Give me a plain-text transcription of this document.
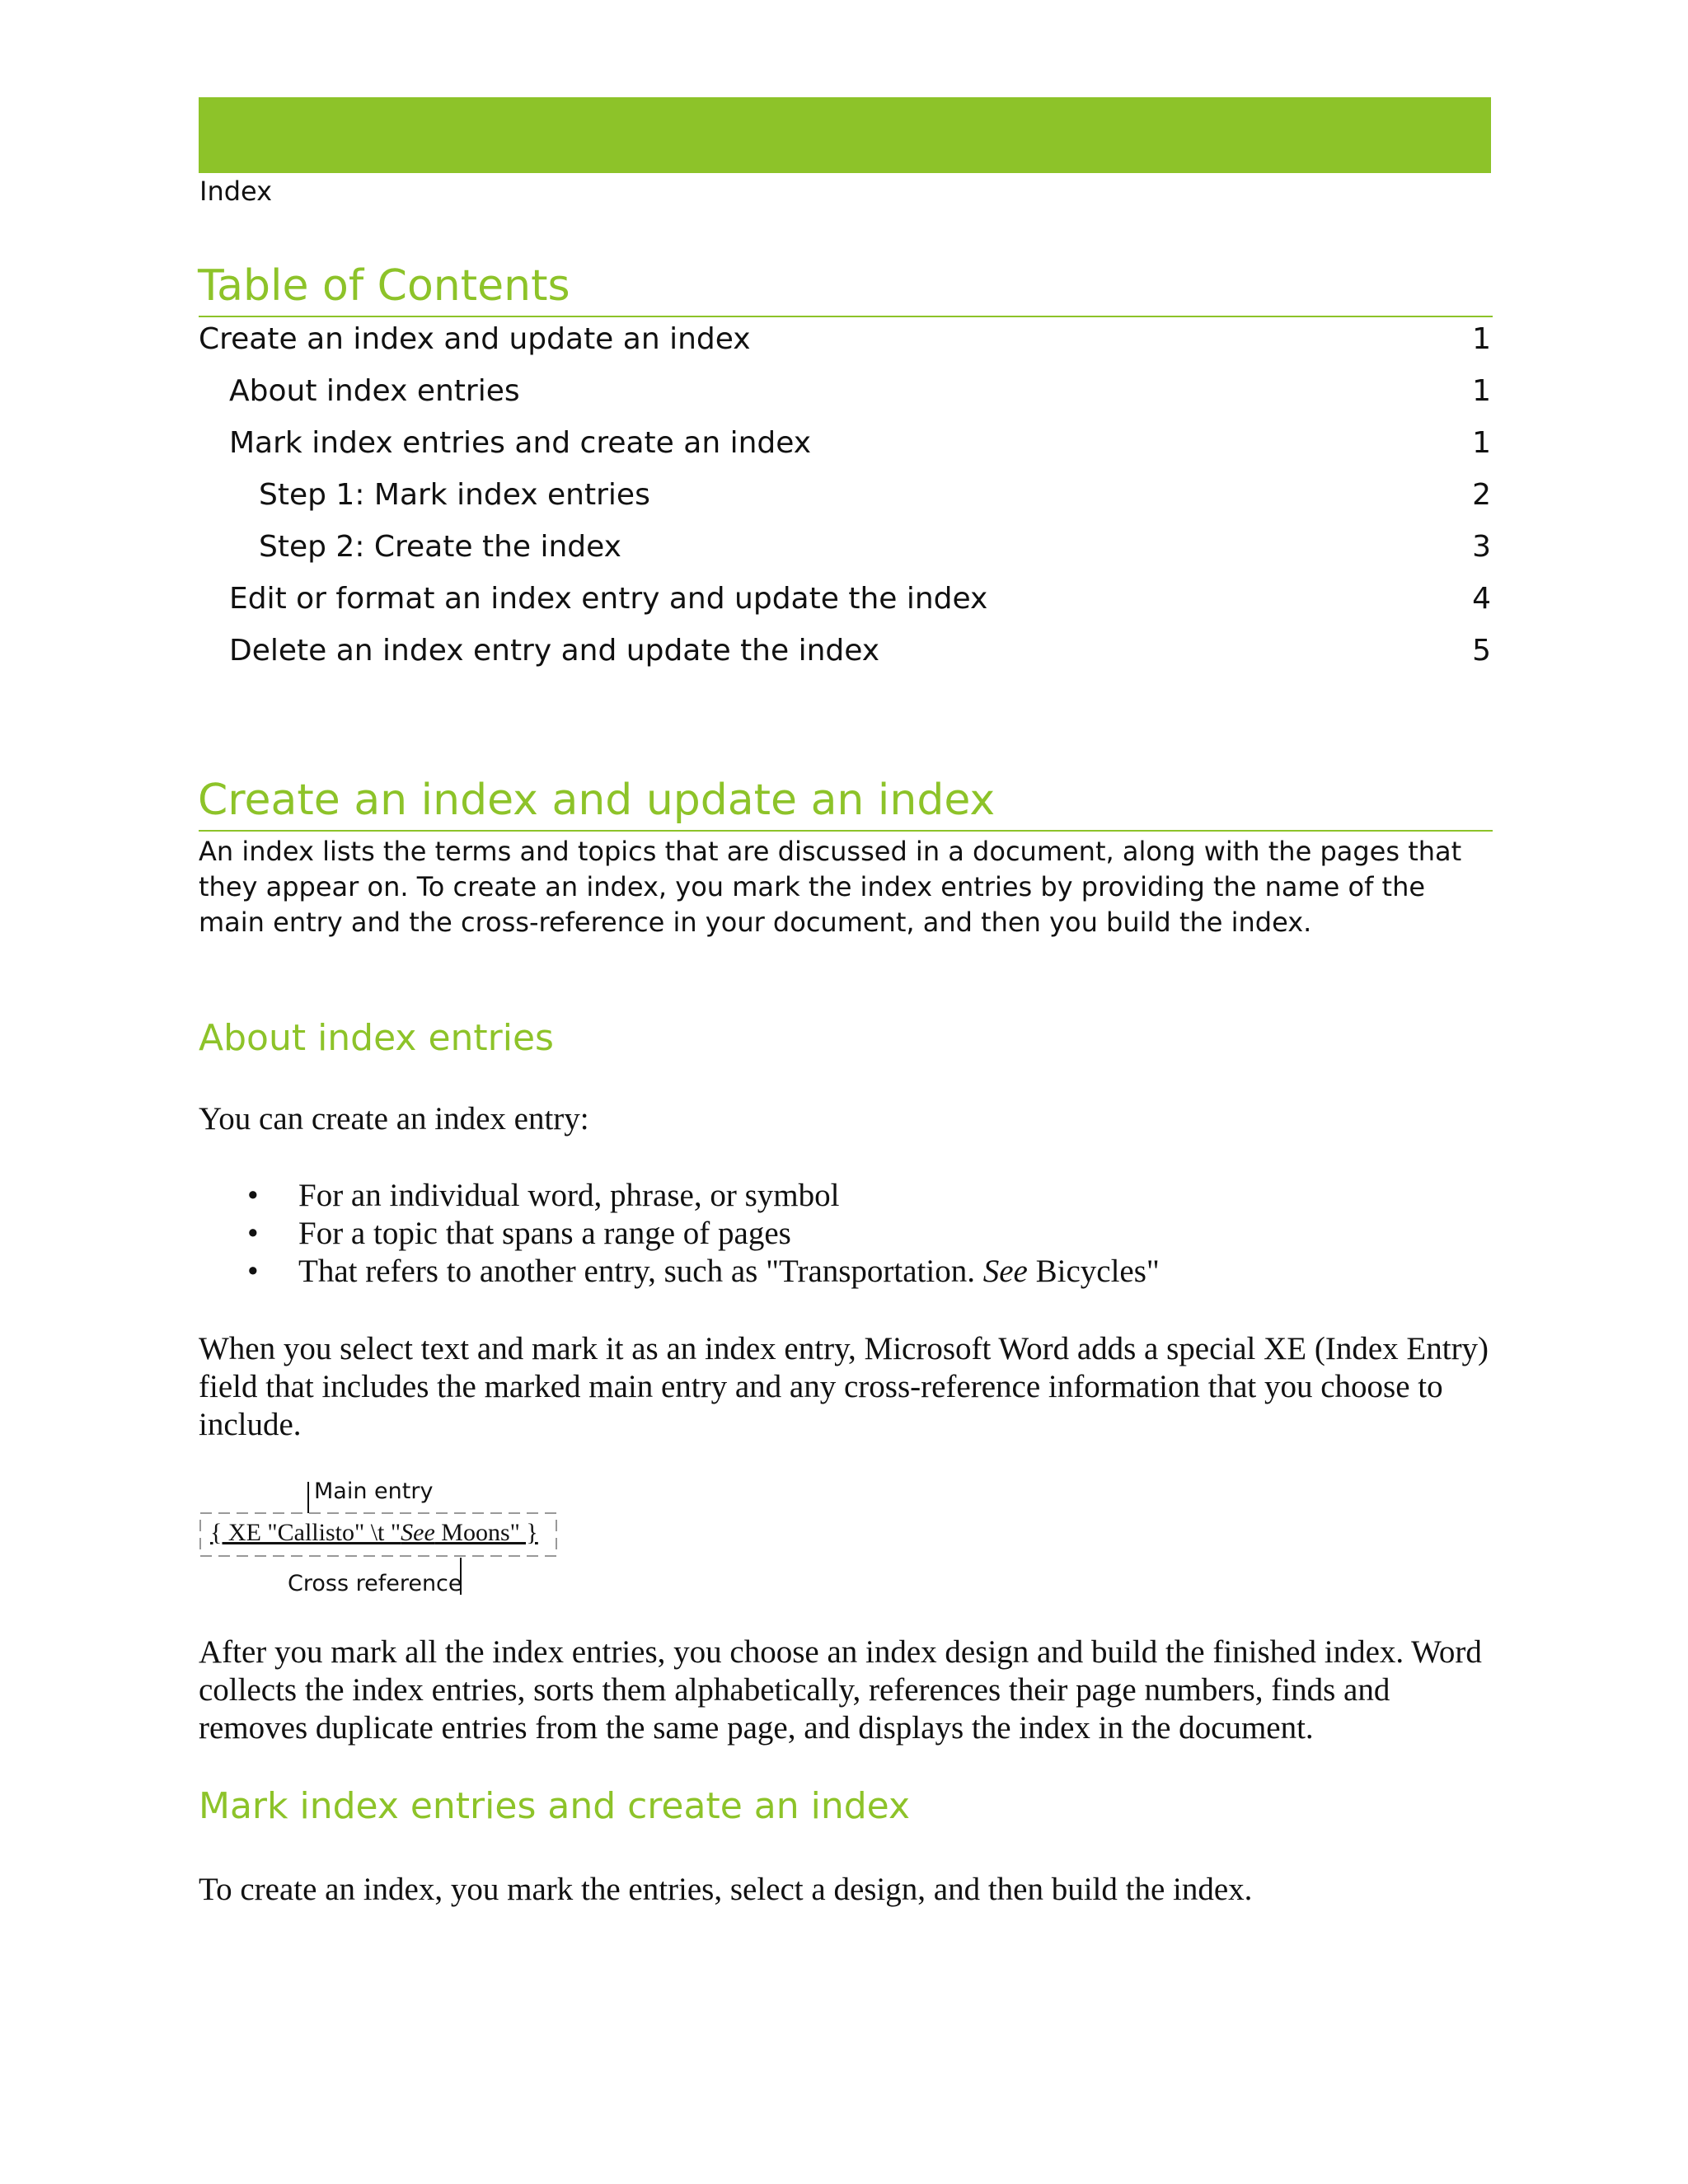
Index
Table of Contents
Create an index and update an index	1
About index entries	1
Mark index entries and create an index	1
Step 1: Mark index entries	2
Step 2: Create the index	3
Edit or format an index entry and update the index	4
Delete an index entry and update the index	5
Create an index and update an index
An index lists the terms and topics that are discussed in a document, along with the pages that they appear on. To create an index, you mark the index entries by providing the name of the main entry and the cross-reference in your document, and then you build the index.
About index entries
You can create an index entry:
• For an individual word, phrase, or symbol
• For a topic that spans a range of pages
• That refers to another entry, such as "Transportation. See Bicycles"
When you select text and mark it as an index entry, Microsoft Word adds a special XE (Index Entry) field that includes the marked main entry and any cross-reference information that you choose to include.
Main entry
{ XE "Callisto" \t "See Moons" }
Cross reference
After you mark all the index entries, you choose an index design and build the finished index. Word collects the index entries, sorts them alphabetically, references their page numbers, finds and removes duplicate entries from the same page, and displays the index in the document.
Mark index entries and create an index
To create an index, you mark the entries, select a design, and then build the index.
